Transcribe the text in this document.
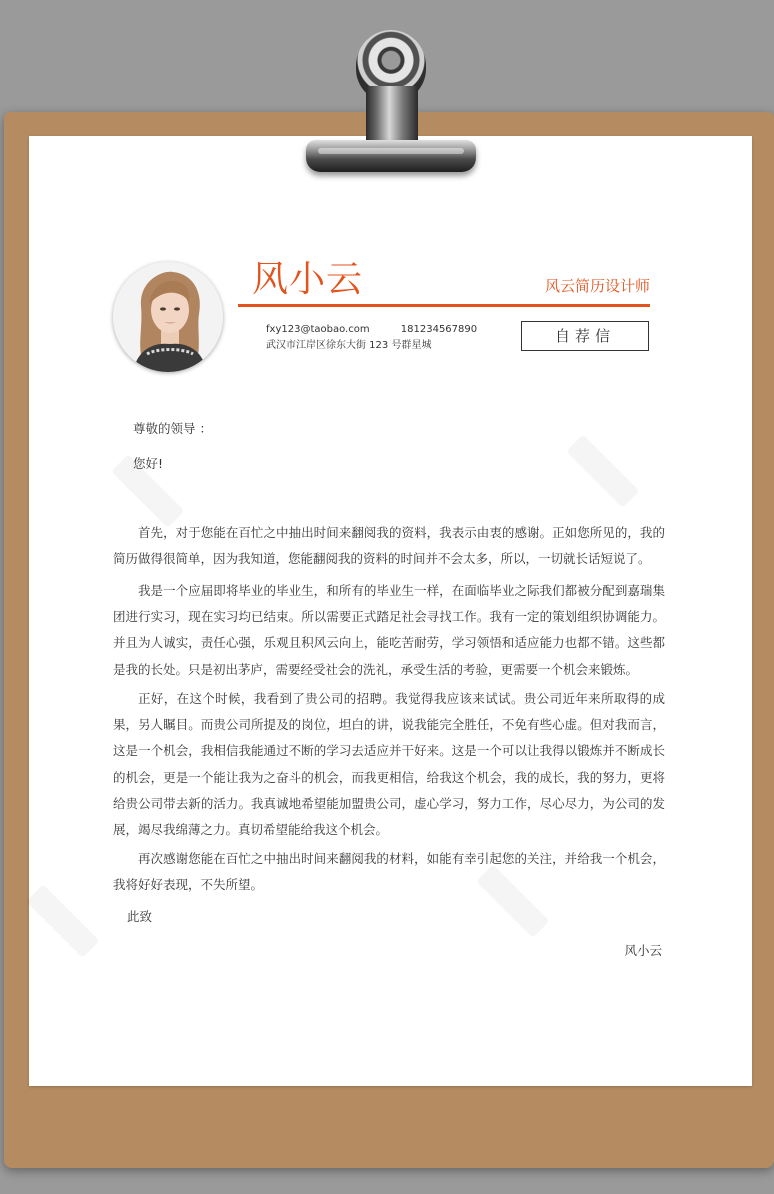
风小云	风云简历设计师
fxy123@taobao.com	181234567890
武汉市江岸区徐东大街 123 号群星城
自荐信
尊敬的领导 ：
您好!

首先，对于您能在百忙之中抽出时间来翻阅我的资料，我表示由衷的感谢。正如您所见的，我的简历做得很简单，因为我知道，您能翻阅我的资料的时间并不会太多，所以，一切就长话短说了。

我是一个应届即将毕业的毕业生，和所有的毕业生一样，在面临毕业之际我们都被分配到嘉瑞集团进行实习，现在实习均已结束。所以需要正式踏足社会寻找工作。我有一定的策划组织协调能力。并且为人诚实，责任心强，乐观且积风云向上，能吃苦耐劳，学习领悟和适应能力也都不错。这些都是我的长处。只是初出茅庐，需要经受社会的洗礼，承受生活的考验，更需要一个机会来锻炼。

正好，在这个时候，我看到了贵公司的招聘。我觉得我应该来试试。贵公司近年来所取得的成果，另人瞩目。而贵公司所提及的岗位，坦白的讲，说我能完全胜任，不免有些心虚。但对我而言，这是一个机会，我相信我能通过不断的学习去适应并干好来。这是一个可以让我得以锻炼并不断成长的机会，更是一个能让我为之奋斗的机会，而我更相信，给我这个机会，我的成长，我的努力，更将给贵公司带去新的活力。我真诚地希望能加盟贵公司，虚心学习，努力工作，尽心尽力，为公司的发展，竭尽我绵薄之力。真切希望能给我这个机会。

再次感谢您能在百忙之中抽出时间来翻阅我的材料，如能有幸引起您的关注，并给我一个机会，我将好好表现，不失所望。

此致
风小云
